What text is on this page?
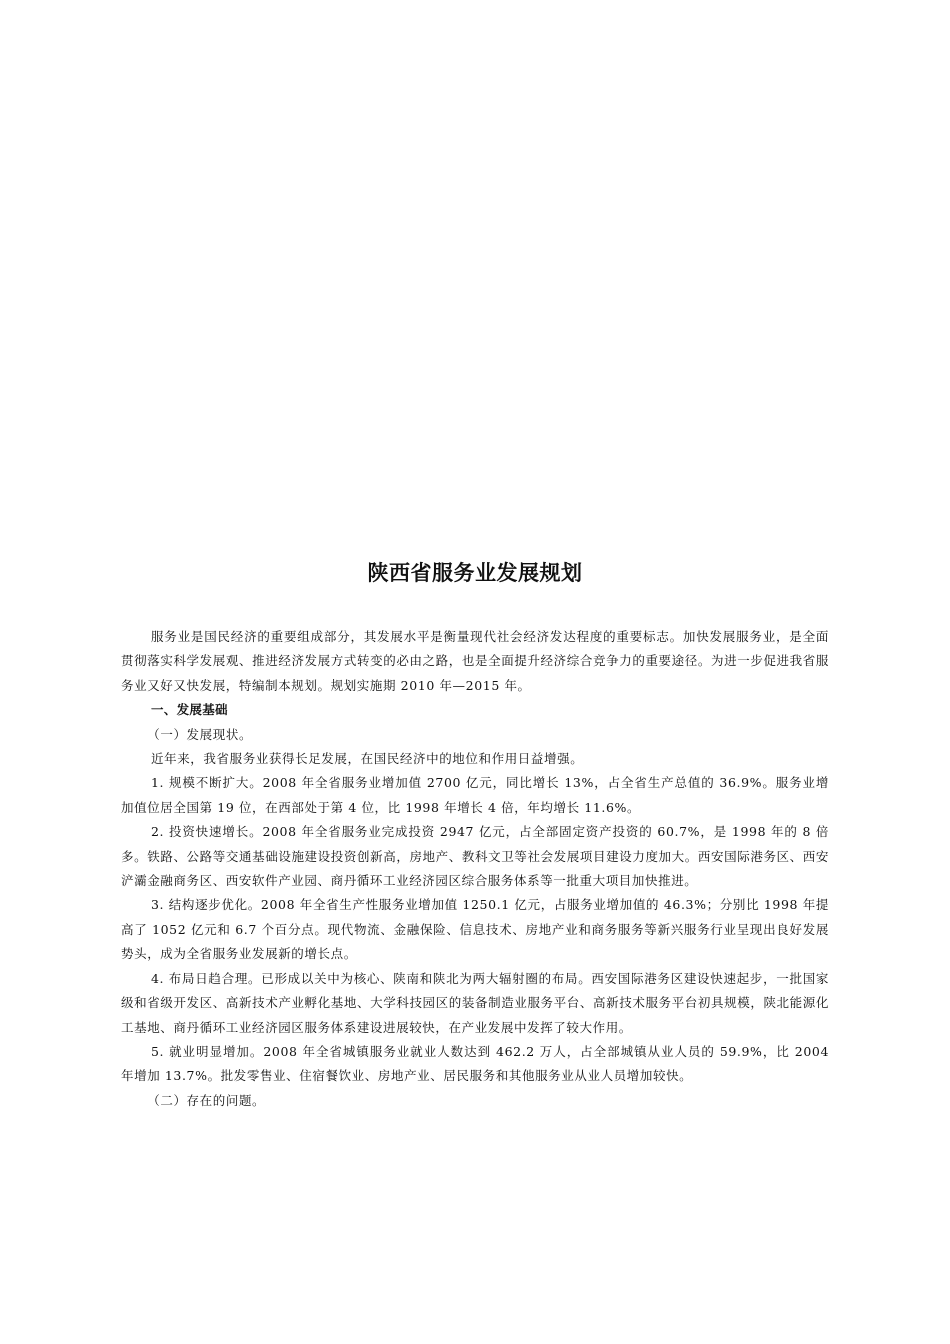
陕西省服务业发展规划

服务业是国民经济的重要组成部分，其发展水平是衡量现代社会经济发达程度的重要标志。加快发展服务业，是全面贯彻落实科学发展观、推进经济发展方式转变的必由之路，也是全面提升经济综合竞争力的重要途径。为进一步促进我省服务业又好又快发展，特编制本规划。规划实施期 2010 年—2015 年。

一、发展基础

（一）发展现状。

近年来，我省服务业获得长足发展，在国民经济中的地位和作用日益增强。

1. 规模不断扩大。2008 年全省服务业增加值 2700 亿元，同比增长 13%，占全省生产总值的 36.9%。服务业增加值位居全国第 19 位，在西部处于第 4 位，比 1998 年增长 4 倍，年均增长 11.6%。

2. 投资快速增长。2008 年全省服务业完成投资 2947 亿元，占全部固定资产投资的 60.7%，是 1998 年的 8 倍多。铁路、公路等交通基础设施建设投资创新高，房地产、教科文卫等社会发展项目建设力度加大。西安国际港务区、西安浐灞金融商务区、西安软件产业园、商丹循环工业经济园区综合服务体系等一批重大项目加快推进。

3. 结构逐步优化。2008 年全省生产性服务业增加值 1250.1 亿元，占服务业增加值的 46.3%；分别比 1998 年提高了 1052 亿元和 6.7 个百分点。现代物流、金融保险、信息技术、房地产业和商务服务等新兴服务行业呈现出良好发展势头，成为全省服务业发展新的增长点。

4. 布局日趋合理。已形成以关中为核心、陕南和陕北为两大辐射圈的布局。西安国际港务区建设快速起步，一批国家级和省级开发区、高新技术产业孵化基地、大学科技园区的装备制造业服务平台、高新技术服务平台初具规模，陕北能源化工基地、商丹循环工业经济园区服务体系建设进展较快，在产业发展中发挥了较大作用。

5. 就业明显增加。2008 年全省城镇服务业就业人数达到 462.2 万人，占全部城镇从业人员的 59.9%，比 2004 年增加 13.7%。批发零售业、住宿餐饮业、房地产业、居民服务和其他服务业从业人员增加较快。

（二）存在的问题。
